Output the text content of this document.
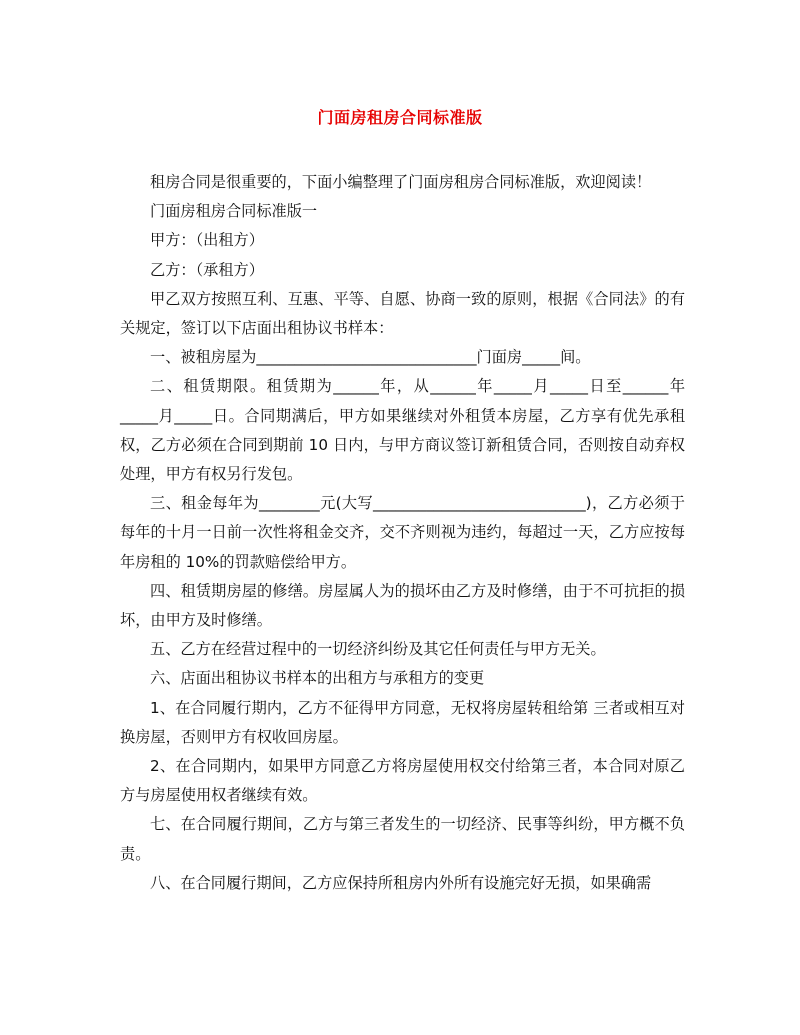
门面房租房合同标准版

租房合同是很重要的，下面小编整理了门面房租房合同标准版，欢迎阅读！

门面房租房合同标准版一

甲方：（出租方）

乙方：（承租方）

甲乙双方按照互利、互惠、平等、自愿、协商一致的原则，根据《合同法》的有关规定，签订以下店面出租协议书样本：

一、被租房屋为_____________________________门面房_____间。

二、租赁期限。租赁期为______年，从______年_____月_____日至______年_____月_____日。合同期满后，甲方如果继续对外租赁本房屋，乙方享有优先承租权，乙方必须在合同到期前 10 日内，与甲方商议签订新租赁合同，否则按自动弃权处理，甲方有权另行发包。

三、租金每年为________元(大写____________________________)，乙方必须于每年的十月一日前一次性将租金交齐，交不齐则视为违约，每超过一天，乙方应按每年房租的 10%的罚款赔偿给甲方。

四、租赁期房屋的修缮。房屋属人为的损坏由乙方及时修缮，由于不可抗拒的损坏，由甲方及时修缮。

五、乙方在经营过程中的一切经济纠纷及其它任何责任与甲方无关。

六、店面出租协议书样本的出租方与承租方的变更

1、在合同履行期内，乙方不征得甲方同意，无权将房屋转租给第 三者或相互对换房屋，否则甲方有权收回房屋。

2、在合同期内，如果甲方同意乙方将房屋使用权交付给第三者，本合同对原乙方与房屋使用权者继续有效。

七、在合同履行期间，乙方与第三者发生的一切经济、民事等纠纷，甲方概不负责。

八、在合同履行期间，乙方应保持所租房内外所有设施完好无损，如果确需
